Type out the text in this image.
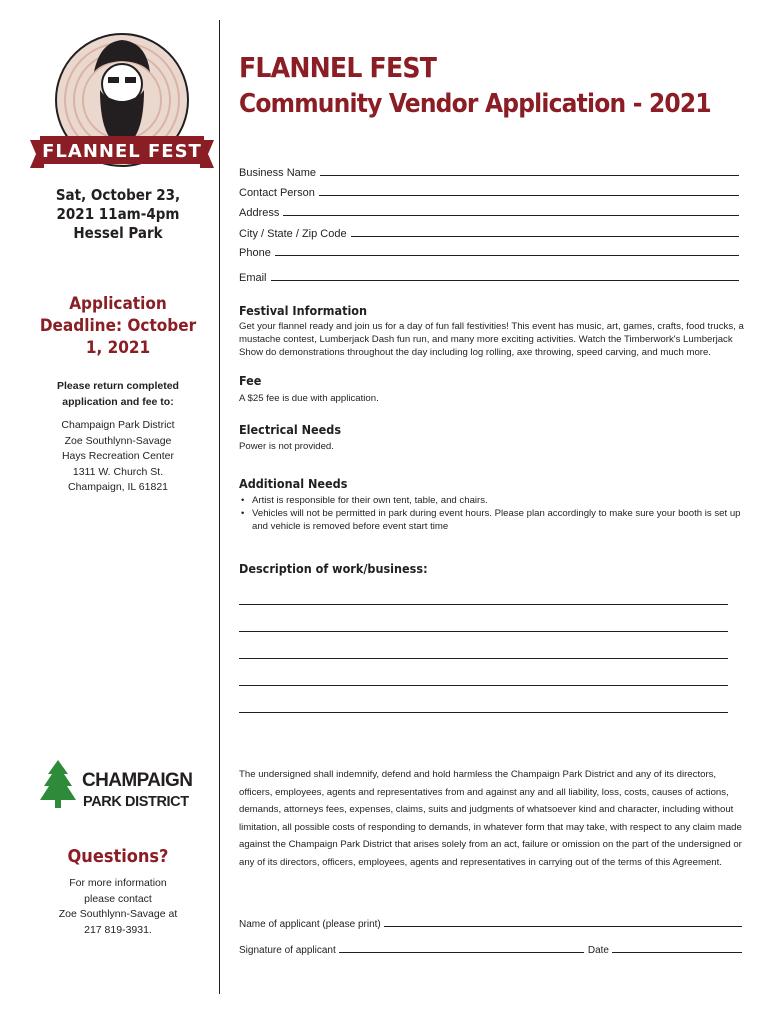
FLANNEL FEST
Sat, October 23,
2021 11am-4pm
Hessel Park
Application
Deadline: October
1, 2021
Please return completed
application and fee to:
Champaign Park District
Zoe Southlynn-Savage
Hays Recreation Center
1311 W. Church St.
Champaign, IL 61821
CHAMPAIGN
PARK DISTRICT
Questions?
For more information
please contact
Zoe Southlynn-Savage at
217 819-3931.
FLANNEL FEST
Community Vendor Application - 2021
Business Name
Contact Person
Address
City / State / Zip Code
Phone
Email
Festival Information
Get your flannel ready and join us for a day of fun fall festivities! This event has music, art, games, crafts, food trucks, a mustache contest, Lumberjack Dash fun run, and many more exciting activities. Watch the Timberwork's Lumberjack Show do demonstrations throughout the day including log rolling, axe throwing, speed carving, and much more.
Fee
A $25 fee is due with application.
Electrical Needs
Power is not provided.
Additional Needs
• Artist is responsible for their own tent, table, and chairs.
• Vehicles will not be permitted in park during event hours. Please plan accordingly to make sure your booth is set up and vehicle is removed before event start time
Description of work/business:
The undersigned shall indemnify, defend and hold harmless the Champaign Park District and any of its directors, officers, employees, agents and representatives from and against any and all liability, loss, costs, causes of actions, demands, attorneys fees, expenses, claims, suits and judgments of whatsoever kind and character, including without limitation, all possible costs of responding to demands, in whatever form that may take, with respect to any claim made against the Champaign Park District that arises solely from an act, failure or omission on the part of the undersigned or any of its directors, officers, employees, agents and representatives in carrying out of the terms of this Agreement.
Name of applicant (please print)
Signature of applicant	Date
